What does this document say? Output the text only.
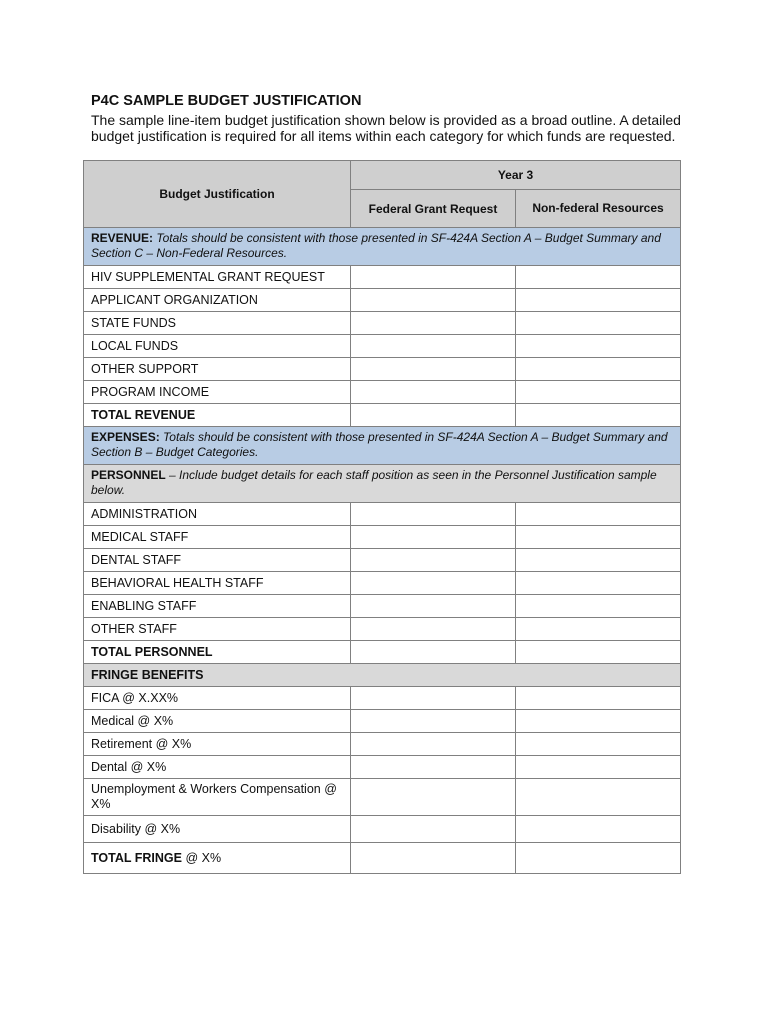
P4C SAMPLE BUDGET JUSTIFICATION

The sample line-item budget justification shown below is provided as a broad outline. A detailed budget justification is required for all items within each category for which funds are requested.

Budget Justification	Year 3	
	Federal Grant Request	Non-federal Resources
REVENUE: Totals should be consistent with those presented in SF-424A Section A – Budget Summary and Section C – Non-Federal Resources.		
HIV SUPPLEMENTAL GRANT REQUEST		
APPLICANT ORGANIZATION		
STATE FUNDS		
LOCAL FUNDS		
OTHER SUPPORT		
PROGRAM INCOME		
TOTAL REVENUE		
EXPENSES: Totals should be consistent with those presented in SF-424A Section A – Budget Summary and Section B – Budget Categories.		
PERSONNEL – Include budget details for each staff position as seen in the Personnel Justification sample below.		
ADMINISTRATION		
MEDICAL STAFF		
DENTAL STAFF		
BEHAVIORAL HEALTH STAFF		
ENABLING STAFF		
OTHER STAFF		
TOTAL PERSONNEL		
FRINGE BENEFITS		
FICA @ X.XX%		
Medical @ X%		
Retirement @ X%		
Dental @ X%		
Unemployment & Workers Compensation @ X%		
Disability @ X%		
TOTAL FRINGE @ X%		
